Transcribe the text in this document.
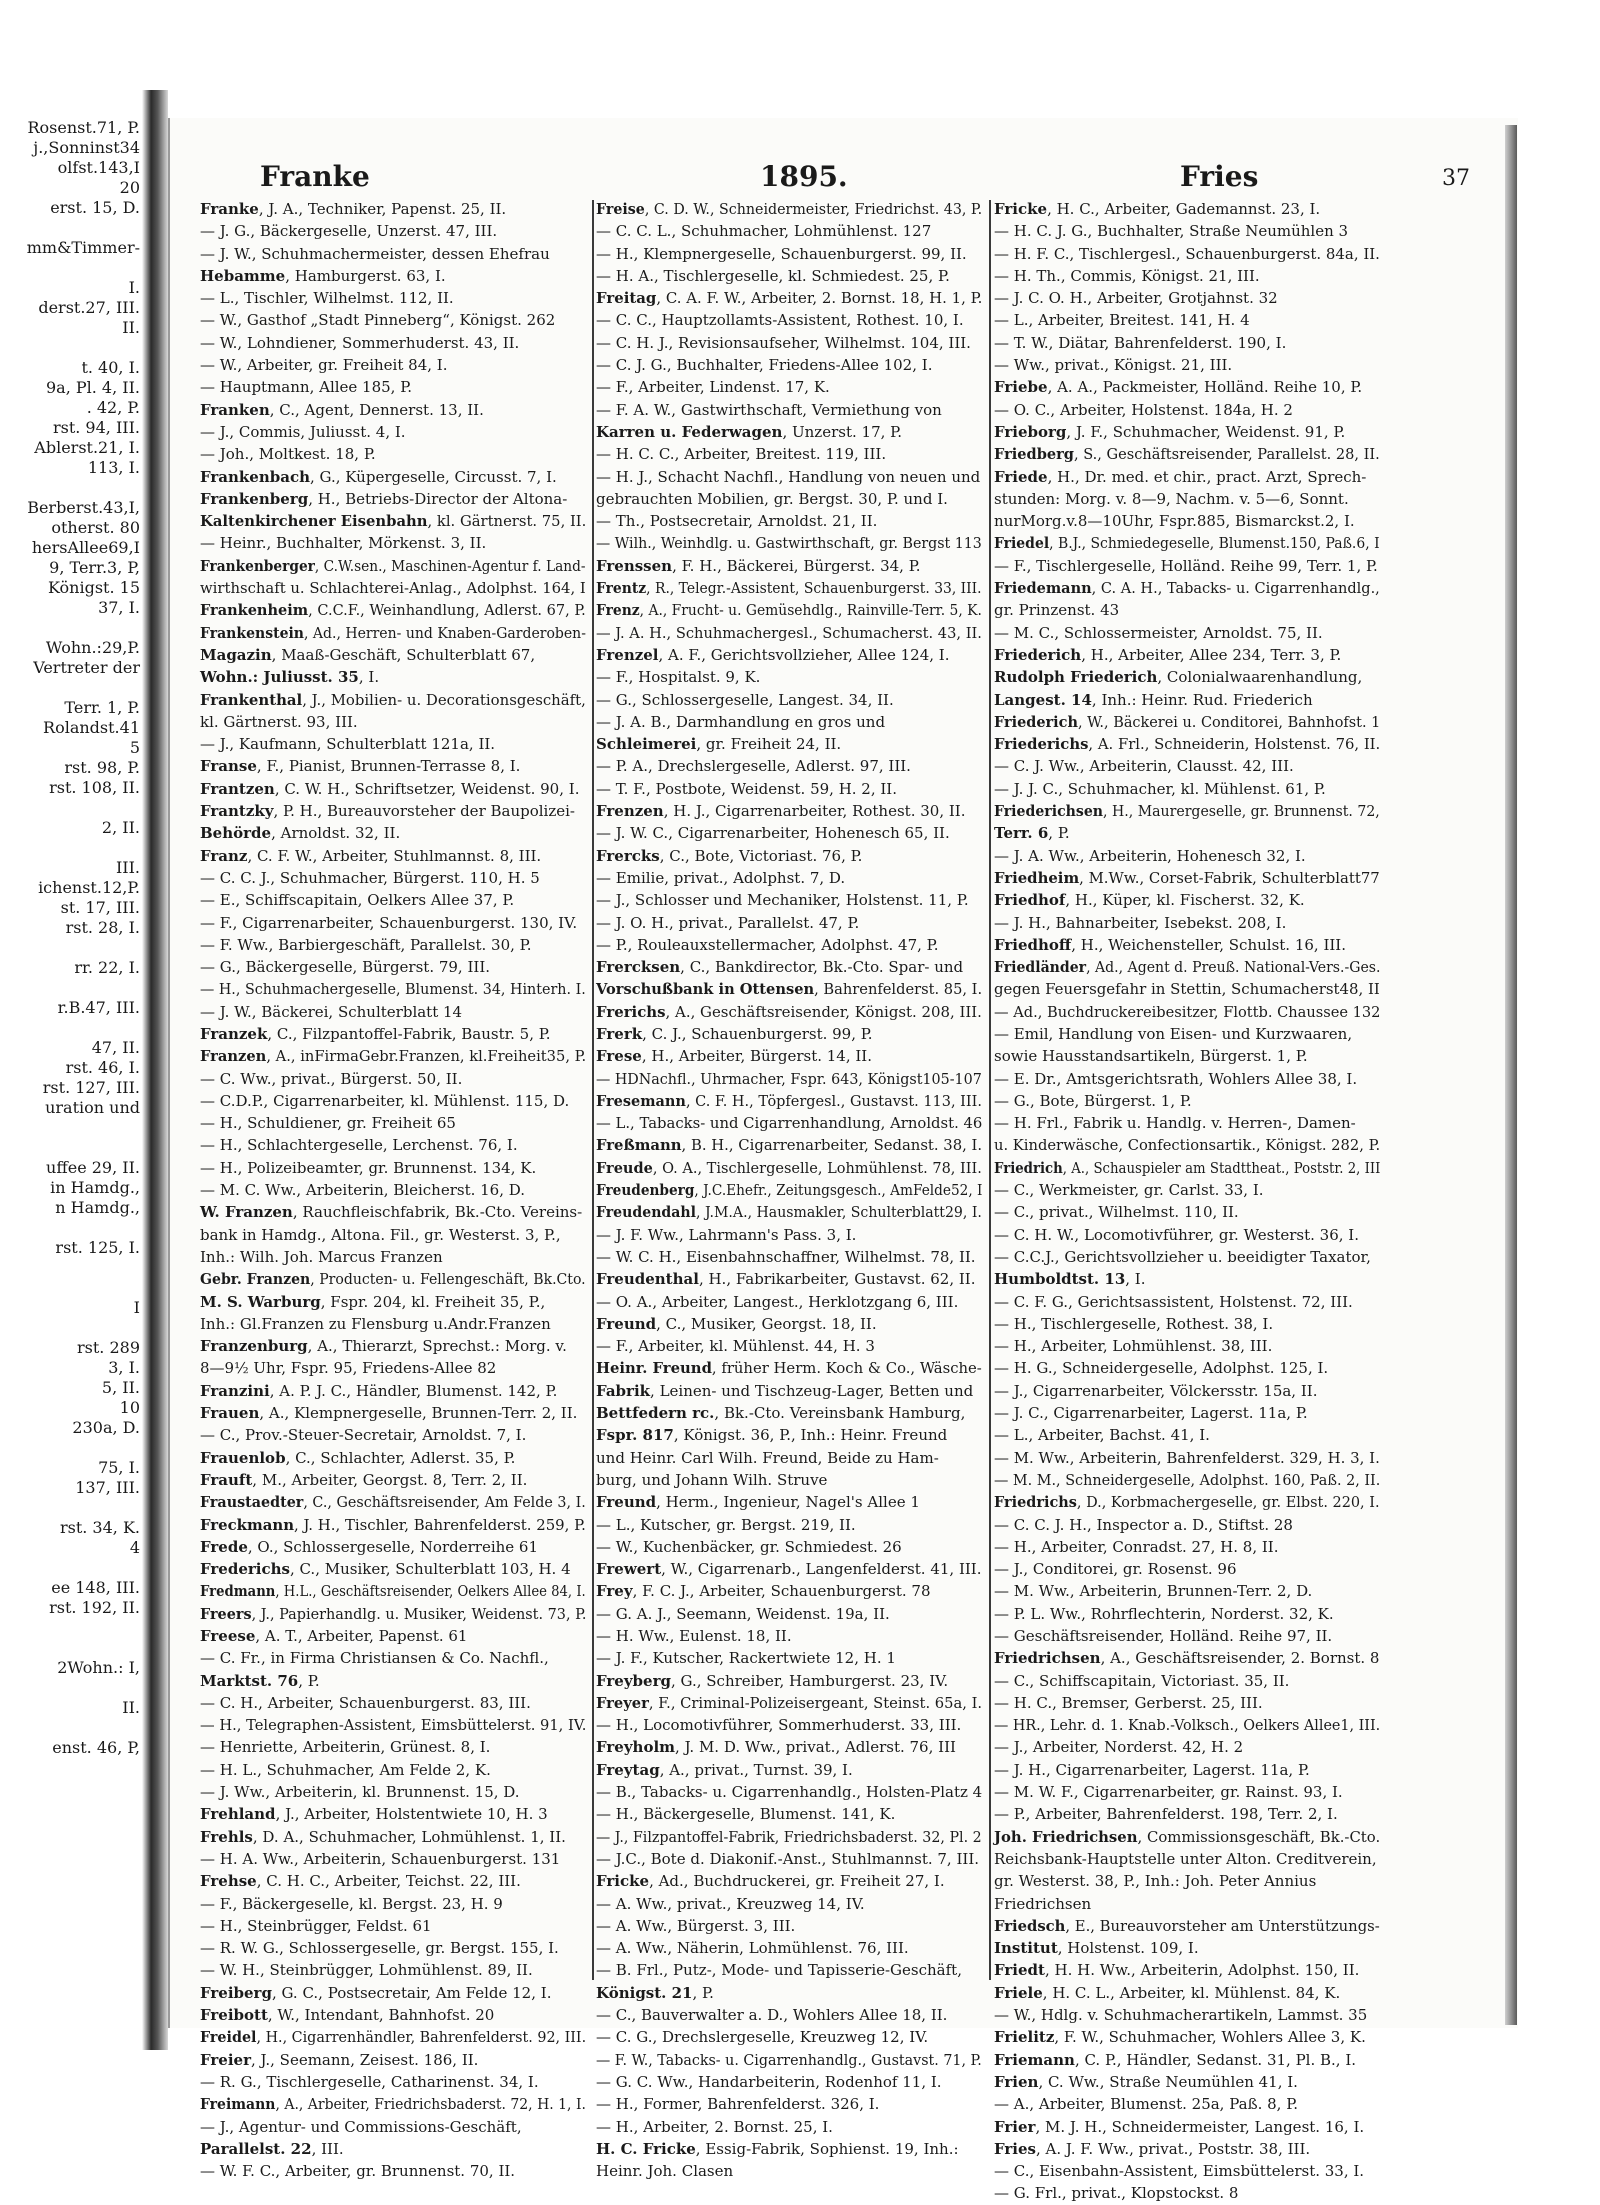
Rosenst.71, P.
j.,Sonninst34
olfst.143,I
20
erst. 15, D.
mm&Timmer-
I.
derst.27, III.
II.
t. 40, I.
9a, Pl. 4, II.
. 42, P.
rst. 94, III.
Ablerst.21, I.
113, I.
Berberst.43,I,
otherst. 80
hersAllee69,I
9, Terr.3, P,
Königst. 15
37, I.
Wohn.:29,P.
Vertreter der
Terr. 1, P.
Rolandst.41
5
rst. 98, P.
rst. 108, II.
2, II.
III.
ichenst.12,P.
st. 17, III.
rst. 28, I.
rr. 22, I.
r.B.47, III.
47, II.
rst. 46, I.
rst. 127, III.
uration und
uffee 29, II.
in Hamdg.,
n Hamdg.,
rst. 125, I.
I
rst. 289
3, I.
5, II.
10
230a, D.
75, I.
137, III.
rst. 34, K.
4
ee 148, III.
rst. 192, II.
2Wohn.: I,
II.
enst. 46, P,
Franke	1895.	Fries	37
Franke, J. A., Techniker, Papenst. 25, II.
— J. G., Bäckergeselle, Unzerst. 47, III.
— J. W., Schuhmachermeister, dessen Ehefrau
Hebamme, Hamburgerst. 63, I.
— L., Tischler, Wilhelmst. 112, II.
— W., Gasthof „Stadt Pinneberg“, Königst. 262
— W., Lohndiener, Sommerhuderst. 43, II.
— W., Arbeiter, gr. Freiheit 84, I.
— Hauptmann, Allee 185, P.
Franken, C., Agent, Dennerst. 13, II.
— J., Commis, Juliusst. 4, I.
— Joh., Moltkest. 18, P.
Frankenbach, G., Küpergeselle, Circusst. 7, I.
Frankenberg, H., Betriebs-Director der Altona-
Kaltenkirchener Eisenbahn, kl. Gärtnerst. 75, II.
— Heinr., Buchhalter, Mörkenst. 3, II.
Frankenberger, C.W.sen., Maschinen-Agentur f. Land-
wirthschaft u. Schlachterei-Anlag., Adolphst. 164, I
Frankenheim, C.C.F., Weinhandlung, Adlerst. 67, P.
Frankenstein, Ad., Herren- und Knaben-Garderoben-
Magazin, Maaß-Geschäft, Schulterblatt 67,
Wohn.: Juliusst. 35, I.
Frankenthal, J., Mobilien- u. Decorationsgeschäft,
kl. Gärtnerst. 93, III.
— J., Kaufmann, Schulterblatt 121a, II.
Franse, F., Pianist, Brunnen-Terrasse 8, I.
Frantzen, C. W. H., Schriftsetzer, Weidenst. 90, I.
Frantzky, P. H., Bureauvorsteher der Baupolizei-
Behörde, Arnoldst. 32, II.
Franz, C. F. W., Arbeiter, Stuhlmannst. 8, III.
— C. C. J., Schuhmacher, Bürgerst. 110, H. 5
— E., Schiffscapitain, Oelkers Allee 37, P.
— F., Cigarrenarbeiter, Schauenburgerst. 130, IV.
— F. Ww., Barbiergeschäft, Parallelst. 30, P.
— G., Bäckergeselle, Bürgerst. 79, III.
— H., Schuhmachergeselle, Blumenst. 34, Hinterh. I.
— J. W., Bäckerei, Schulterblatt 14
Franzek, C., Filzpantoffel-Fabrik, Baustr. 5, P.
Franzen, A., inFirmaGebr.Franzen, kl.Freiheit35, P.
— C. Ww., privat., Bürgerst. 50, II.
— C.D.P., Cigarrenarbeiter, kl. Mühlenst. 115, D.
— H., Schuldiener, gr. Freiheit 65
— H., Schlachtergeselle, Lerchenst. 76, I.
— H., Polizeibeamter, gr. Brunnenst. 134, K.
— M. C. Ww., Arbeiterin, Bleicherst. 16, D.
W. Franzen, Rauchfleischfabrik, Bk.-Cto. Vereins-
bank in Hamdg., Altona. Fil., gr. Westerst. 3, P.,
Inh.: Wilh. Joh. Marcus Franzen
Gebr. Franzen, Producten- u. Fellengeschäft, Bk.Cto.
M. S. Warburg, Fspr. 204, kl. Freiheit 35, P.,
Inh.: Gl.Franzen zu Flensburg u.Andr.Franzen
Franzenburg, A., Thierarzt, Sprechst.: Morg. v.
8—9½ Uhr, Fspr. 95, Friedens-Allee 82
Franzini, A. P. J. C., Händler, Blumenst. 142, P.
Frauen, A., Klempnergeselle, Brunnen-Terr. 2, II.
— C., Prov.-Steuer-Secretair, Arnoldst. 7, I.
Frauenlob, C., Schlachter, Adlerst. 35, P.
Frauft, M., Arbeiter, Georgst. 8, Terr. 2, II.
Fraustaedter, C., Geschäftsreisender, Am Felde 3, I.
Freckmann, J. H., Tischler, Bahrenfelderst. 259, P.
Frede, O., Schlossergeselle, Norderreihe 61
Frederichs, C., Musiker, Schulterblatt 103, H. 4
Fredmann, H.L., Geschäftsreisender, Oelkers Allee 84, I.
Freers, J., Papierhandlg. u. Musiker, Weidenst. 73, P.
Freese, A. T., Arbeiter, Papenst. 61
— C. Fr., in Firma Christiansen & Co. Nachfl.,
Marktst. 76, P.
— C. H., Arbeiter, Schauenburgerst. 83, III.
— H., Telegraphen-Assistent, Eimsbüttelerst. 91, IV.
— Henriette, Arbeiterin, Grünest. 8, I.
— H. L., Schuhmacher, Am Felde 2, K.
— J. Ww., Arbeiterin, kl. Brunnenst. 15, D.
Frehland, J., Arbeiter, Holstentwiete 10, H. 3
Frehls, D. A., Schuhmacher, Lohmühlenst. 1, II.
— H. A. Ww., Arbeiterin, Schauenburgerst. 131
Frehse, C. H. C., Arbeiter, Teichst. 22, III.
— F., Bäckergeselle, kl. Bergst. 23, H. 9
— H., Steinbrügger, Feldst. 61
— R. W. G., Schlossergeselle, gr. Bergst. 155, I.
— W. H., Steinbrügger, Lohmühlenst. 89, II.
Freiberg, G. C., Postsecretair, Am Felde 12, I.
Freibott, W., Intendant, Bahnhofst. 20
Freidel, H., Cigarrenhändler, Bahrenfelderst. 92, III.
Freier, J., Seemann, Zeisest. 186, II.
— R. G., Tischlergeselle, Catharinenst. 34, I.
Freimann, A., Arbeiter, Friedrichsbaderst. 72, H. 1, I.
— J., Agentur- und Commissions-Geschäft,
Parallelst. 22, III.
— W. F. C., Arbeiter, gr. Brunnenst. 70, II.
Freise, C. D. W., Schneidermeister, Friedrichst. 43, P.
— C. C. L., Schuhmacher, Lohmühlenst. 127
— H., Klempnergeselle, Schauenburgerst. 99, II.
— H. A., Tischlergeselle, kl. Schmiedest. 25, P.
Freitag, C. A. F. W., Arbeiter, 2. Bornst. 18, H. 1, P.
— C. C., Hauptzollamts-Assistent, Rothest. 10, I.
— C. H. J., Revisionsaufseher, Wilhelmst. 104, III.
— C. J. G., Buchhalter, Friedens-Allee 102, I.
— F., Arbeiter, Lindenst. 17, K.
— F. A. W., Gastwirthschaft, Vermiethung von
Karren u. Federwagen, Unzerst. 17, P.
— H. C. C., Arbeiter, Breitest. 119, III.
— H. J., Schacht Nachfl., Handlung von neuen und
gebrauchten Mobilien, gr. Bergst. 30, P. und I.
— Th., Postsecretair, Arnoldst. 21, II.
— Wilh., Weinhdlg. u. Gastwirthschaft, gr. Bergst 113
Frenssen, F. H., Bäckerei, Bürgerst. 34, P.
Frentz, R., Telegr.-Assistent, Schauenburgerst. 33, III.
Frenz, A., Frucht- u. Gemüsehdlg., Rainville-Terr. 5, K.
— J. A. H., Schuhmachergesl., Schumacherst. 43, II.
Frenzel, A. F., Gerichtsvollzieher, Allee 124, I.
— F., Hospitalst. 9, K.
— G., Schlossergeselle, Langest. 34, II.
— J. A. B., Darmhandlung en gros und
Schleimerei, gr. Freiheit 24, II.
— P. A., Drechslergeselle, Adlerst. 97, III.
— T. F., Postbote, Weidenst. 59, H. 2, II.
Frenzen, H. J., Cigarrenarbeiter, Rothest. 30, II.
— J. W. C., Cigarrenarbeiter, Hohenesch 65, II.
Frercks, C., Bote, Victoriast. 76, P.
— Emilie, privat., Adolphst. 7, D.
— J., Schlosser und Mechaniker, Holstenst. 11, P.
— J. O. H., privat., Parallelst. 47, P.
— P., Rouleauxstellermacher, Adolphst. 47, P.
Frercksen, C., Bankdirector, Bk.-Cto. Spar- und
Vorschußbank in Ottensen, Bahrenfelderst. 85, I.
Frerichs, A., Geschäftsreisender, Königst. 208, III.
Frerk, C. J., Schauenburgerst. 99, P.
Frese, H., Arbeiter, Bürgerst. 14, II.
— HDNachfl., Uhrmacher, Fspr. 643, Königst105-107
Fresemann, C. F. H., Töpfergesl., Gustavst. 113, III.
— L., Tabacks- und Cigarrenhandlung, Arnoldst. 46
Freßmann, B. H., Cigarrenarbeiter, Sedanst. 38, I.
Freude, O. A., Tischlergeselle, Lohmühlenst. 78, III.
Freudenberg, J.C.Ehefr., Zeitungsgesch., AmFelde52, I
Freudendahl, J.M.A., Hausmakler, Schulterblatt29, I.
— J. F. Ww., Lahrmann's Pass. 3, I.
— W. C. H., Eisenbahnschaffner, Wilhelmst. 78, II.
Freudenthal, H., Fabrikarbeiter, Gustavst. 62, II.
— O. A., Arbeiter, Langest., Herklotzgang 6, III.
Freund, C., Musiker, Georgst. 18, II.
— F., Arbeiter, kl. Mühlenst. 44, H. 3
Heinr. Freund, früher Herm. Koch & Co., Wäsche-
Fabrik, Leinen- und Tischzeug-Lager, Betten und
Bettfedern rc., Bk.-Cto. Vereinsbank Hamburg,
Fspr. 817, Königst. 36, P., Inh.: Heinr. Freund
und Heinr. Carl Wilh. Freund, Beide zu Ham-
burg, und Johann Wilh. Struve
Freund, Herm., Ingenieur, Nagel's Allee 1
— L., Kutscher, gr. Bergst. 219, II.
— W., Kuchenbäcker, gr. Schmiedest. 26
Frewert, W., Cigarrenarb., Langenfelderst. 41, III.
Frey, F. C. J., Arbeiter, Schauenburgerst. 78
— G. A. J., Seemann, Weidenst. 19a, II.
— H. Ww., Eulenst. 18, II.
— J. F., Kutscher, Rackertwiete 12, H. 1
Freyberg, G., Schreiber, Hamburgerst. 23, IV.
Freyer, F., Criminal-Polizeisergeant, Steinst. 65a, I.
— H., Locomotivführer, Sommerhuderst. 33, III.
Freyholm, J. M. D. Ww., privat., Adlerst. 76, III
Freytag, A., privat., Turnst. 39, I.
— B., Tabacks- u. Cigarrenhandlg., Holsten-Platz 4
— H., Bäckergeselle, Blumenst. 141, K.
— J., Filzpantoffel-Fabrik, Friedrichsbaderst. 32, Pl. 2
— J.C., Bote d. Diakonif.-Anst., Stuhlmannst. 7, III.
Fricke, Ad., Buchdruckerei, gr. Freiheit 27, I.
— A. Ww., privat., Kreuzweg 14, IV.
— A. Ww., Bürgerst. 3, III.
— A. Ww., Näherin, Lohmühlenst. 76, III.
— B. Frl., Putz-, Mode- und Tapisserie-Geschäft,
Königst. 21, P.
— C., Bauverwalter a. D., Wohlers Allee 18, II.
— C. G., Drechslergeselle, Kreuzweg 12, IV.
— F. W., Tabacks- u. Cigarrenhandlg., Gustavst. 71, P.
— G. C. Ww., Handarbeiterin, Rodenhof 11, I.
— H., Former, Bahrenfelderst. 326, I.
— H., Arbeiter, 2. Bornst. 25, I.
H. C. Fricke, Essig-Fabrik, Sophienst. 19, Inh.:
Heinr. Joh. Clasen
Fricke, H. C., Arbeiter, Gademannst. 23, I.
— H. C. J. G., Buchhalter, Straße Neumühlen 3
— H. F. C., Tischlergesl., Schauenburgerst. 84a, II.
— H. Th., Commis, Königst. 21, III.
— J. C. O. H., Arbeiter, Grotjahnst. 32
— L., Arbeiter, Breitest. 141, H. 4
— T. W., Diätar, Bahrenfelderst. 190, I.
— Ww., privat., Königst. 21, III.
Friebe, A. A., Packmeister, Holländ. Reihe 10, P.
— O. C., Arbeiter, Holstenst. 184a, H. 2
Frieborg, J. F., Schuhmacher, Weidenst. 91, P.
Friedberg, S., Geschäftsreisender, Parallelst. 28, II.
Friede, H., Dr. med. et chir., pract. Arzt, Sprech-
stunden: Morg. v. 8—9, Nachm. v. 5—6, Sonnt.
nurMorg.v.8—10Uhr, Fspr.885, Bismarckst.2, I.
Friedel, B.J., Schmiedegeselle, Blumenst.150, Paß.6, I
— F., Tischlergeselle, Holländ. Reihe 99, Terr. 1, P.
Friedemann, C. A. H., Tabacks- u. Cigarrenhandlg.,
gr. Prinzenst. 43
— M. C., Schlossermeister, Arnoldst. 75, II.
Friederich, H., Arbeiter, Allee 234, Terr. 3, P.
Rudolph Friederich, Colonialwaarenhandlung,
Langest. 14, Inh.: Heinr. Rud. Friederich
Friederich, W., Bäckerei u. Conditorei, Bahnhofst. 1
Friederichs, A. Frl., Schneiderin, Holstenst. 76, II.
— C. J. Ww., Arbeiterin, Clausst. 42, III.
— J. J. C., Schuhmacher, kl. Mühlenst. 61, P.
Friederichsen, H., Maurergeselle, gr. Brunnenst. 72,
Terr. 6, P.
— J. A. Ww., Arbeiterin, Hohenesch 32, I.
Friedheim, M.Ww., Corset-Fabrik, Schulterblatt77
Friedhof, H., Küper, kl. Fischerst. 32, K.
— J. H., Bahnarbeiter, Isebekst. 208, I.
Friedhoff, H., Weichensteller, Schulst. 16, III.
Friedländer, Ad., Agent d. Preuß. National-Vers.-Ges.
gegen Feuersgefahr in Stettin, Schumacherst48, II
— Ad., Buchdruckereibesitzer, Flottb. Chaussee 132
— Emil, Handlung von Eisen- und Kurzwaaren,
sowie Hausstandsartikeln, Bürgerst. 1, P.
— E. Dr., Amtsgerichtsrath, Wohlers Allee 38, I.
— G., Bote, Bürgerst. 1, P.
— H. Frl., Fabrik u. Handlg. v. Herren-, Damen-
u. Kinderwäsche, Confectionsartik., Königst. 282, P.
Friedrich, A., Schauspieler am Stadttheat., Poststr. 2, III
— C., Werkmeister, gr. Carlst. 33, I.
— C., privat., Wilhelmst. 110, II.
— C. H. W., Locomotivführer, gr. Westerst. 36, I.
— C.C.J., Gerichtsvollzieher u. beeidigter Taxator,
Humboldtst. 13, I.
— C. F. G., Gerichtsassistent, Holstenst. 72, III.
— H., Tischlergeselle, Rothest. 38, I.
— H., Arbeiter, Lohmühlenst. 38, III.
— H. G., Schneidergeselle, Adolphst. 125, I.
— J., Cigarrenarbeiter, Völckersstr. 15a, II.
— J. C., Cigarrenarbeiter, Lagerst. 11a, P.
— L., Arbeiter, Bachst. 41, I.
— M. Ww., Arbeiterin, Bahrenfelderst. 329, H. 3, I.
— M. M., Schneidergeselle, Adolphst. 160, Paß. 2, II.
Friedrichs, D., Korbmachergeselle, gr. Elbst. 220, I.
— C. C. J. H., Inspector a. D., Stiftst. 28
— H., Arbeiter, Conradst. 27, H. 8, II.
— J., Conditorei, gr. Rosenst. 96
— M. Ww., Arbeiterin, Brunnen-Terr. 2, D.
— P. L. Ww., Rohrflechterin, Norderst. 32, K.
— Geschäftsreisender, Holländ. Reihe 97, II.
Friedrichsen, A., Geschäftsreisender, 2. Bornst. 8
— C., Schiffscapitain, Victoriast. 35, II.
— H. C., Bremser, Gerberst. 25, III.
— HR., Lehr. d. 1. Knab.-Volksch., Oelkers Allee1, III.
— J., Arbeiter, Norderst. 42, H. 2
— J. H., Cigarrenarbeiter, Lagerst. 11a, P.
— M. W. F., Cigarrenarbeiter, gr. Rainst. 93, I.
— P., Arbeiter, Bahrenfelderst. 198, Terr. 2, I.
Joh. Friedrichsen, Commissionsgeschäft, Bk.-Cto.
Reichsbank-Hauptstelle unter Alton. Creditverein,
gr. Westerst. 38, P., Inh.: Joh. Peter Annius
Friedrichsen
Friedsch, E., Bureauvorsteher am Unterstützungs-
Institut, Holstenst. 109, I.
Friedt, H. H. Ww., Arbeiterin, Adolphst. 150, II.
Friele, H. C. L., Arbeiter, kl. Mühlenst. 84, K.
— W., Hdlg. v. Schuhmacherartikeln, Lammst. 35
Frielitz, F. W., Schuhmacher, Wohlers Allee 3, K.
Friemann, C. P., Händler, Sedanst. 31, Pl. B., I.
Frien, C. Ww., Straße Neumühlen 41, I.
— A., Arbeiter, Blumenst. 25a, Paß. 8, P.
Frier, M. J. H., Schneidermeister, Langest. 16, I.
Fries, A. J. F. Ww., privat., Poststr. 38, III.
— C., Eisenbahn-Assistent, Eimsbüttelerst. 33, I.
— G. Frl., privat., Klopstockst. 8
